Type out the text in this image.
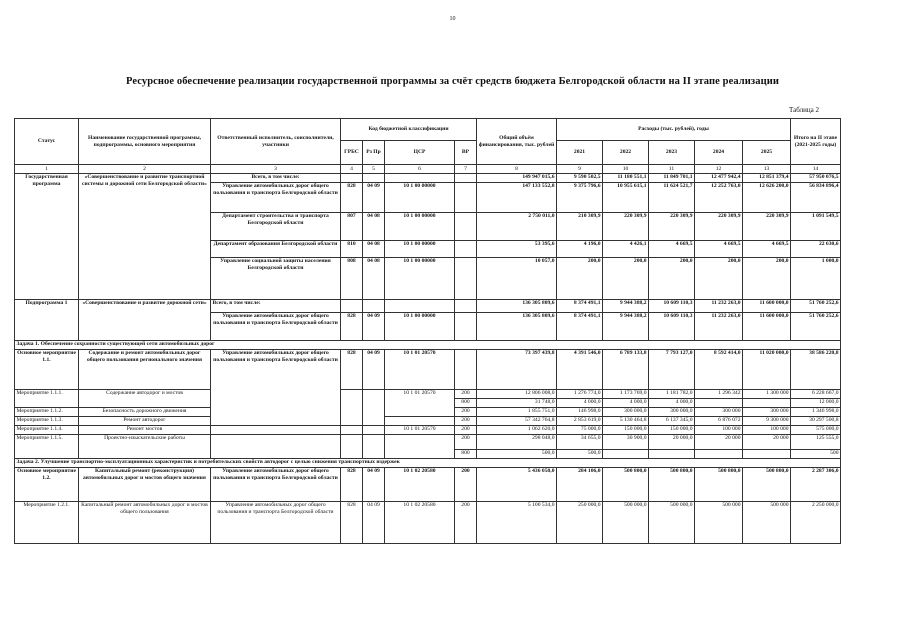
10
Ресурсное обеспечение реализации государственной программы за счёт средств бюджета Белгородской области на II этапе реализации
Таблица 2
Статус	Наименование государственной программы, подпрограммы, основного мероприятия	Ответственный исполнитель, соисполнители, участники	Код бюджетной классификации				Общий объём финансирования, тыс. рублей	Расходы (тыс. рублей), годы					Итого на II этапе (2021-2025 годы)
			ГРБС	Рз Пр	ЦСР	ВР		2021	2022	2023	2024	2025	
1	2	3	4	5	6	7	8	9	10	11	12	13	14
Государственная программа	«Совершенствование и развитие транспортной системы и дорожной сети Белгородской области»	Всего, в том числе:					149 947 015,6	9 590 502,5	11 180 551,1	11 849 701,1	12 477 942,4	12 851 379,4	57 950 076,5
		Управление автомобильных дорог общего пользования и транспорта Белгородской области	828	04 09	10 1 00 00000		147 133 552,0	9 375 796,6	10 955 615,1	11 624 521,7	12 252 763,0	12 626 200,0	56 834 896,4
		Департамент строительства и транспорта Белгородской области	807	04 08	10 1 00 00000		2 750 011,0	210 309,9	220 309,9	220 309,9	220 309,9	220 309,9	1 091 549,5
		Департамент образования Белгородской области	810	04 08	10 1 00 00000		53 395,6	4 196,0	4 426,1	4 669,5	4 669,5	4 669,5	22 630,6
		Управление социальной защиты населения Белгородской области	808	04 08	10 1 00 00000		10 057,0	200,0	200,0	200,0	200,0	200,0	1 000,0
Подпрограмма 1	«Совершенствование и развитие дорожной сети»	Всего, в том числе:					136 305 809,6	8 374 491,1	9 944 388,2	10 609 110,3	11 232 263,0	11 600 000,0	51 760 252,6
		Управление автомобильных дорог общего пользования и транспорта Белгородской области	828	04 09	10 1 00 00000		136 305 809,6	8 374 491,1	9 944 388,2	10 609 110,3	11 232 263,0	11 600 000,0	51 760 252,6
Задача 1. Обеспечение сохранности существующей сети автомобильных дорог													
Основное мероприятие 1.1.	Содержание и ремонт автомобильных дорог общего пользования регионального значения	Управление автомобильных дорог общего пользования и транспорта Белгородской области	828	04 09	10 1 01 20570		73 397 439,8	4 391 546,0	6 789 133,8	7 793 127,0	8 592 414,0	11 020 000,0	38 586 220,8
Мероприятие 1.1.1.	Содержание автодорог и мостов				10 1 01 20570	200	12 806 008,0	1 276 774,0	1 173 769,0	1 181 782,0	1 296 342	1 300 000	6 228 667,0
						800	31 748,0	4 000,0	4 000,0	4 000,0			12 000,0
Мероприятие 1.1.2.	Безопасность дорожного движения					200	1 855 751,0	146 998,0	300 000,0	300 000,0	300 000	300 000	1 346 998,0
Мероприятие 1.1.3.	Ремонт автодорог					200	57 342 764,8	2 853 619,0	5 130 464,8	6 137 345,0	6 876 072	9 300 000	30 297 500,8
Мероприятие 1.1.4.	Ремонт мостов				10 1 01 20570	200	1 062 620,0	75 000,0	150 000,0	150 000,0	100 000	100 000	575 000,0
Мероприятие 1.1.5.	Проектно-изыскательские работы					200	298 048,0	34 655,0	30 900,0	20 000,0	20 000	20 000	125 555,0
						800	500,0	500,0					500
Задача 2. Улучшение транспортно-эксплуатационных характеристик и потребительских свойств автодорог с целью снижения транспортных издержек													
Основное мероприятие 1.2.	Капитальный ремонт (реконструкция) автомобильных дорог и мостов общего значения	Управление автомобильных дорог общего пользования и транспорта Белгородской области	828	04 09	10 1 02 20580	200	5 436 050,0	284 106,0	500 800,0	500 800,0	500 800,0	500 800,0	2 287 306,0
Мероприятие 1.2.1.	Капитальный ремонт автомобильных дорог и мостов общего пользования	Управление автомобильных дорог общего пользования и транспорта Белгородской области	828	04 09	10 1 02 20580	200	5 100 534,0	250 000,0	500 000,0	500 000,0	500 000	500 000	2 250 000,0
